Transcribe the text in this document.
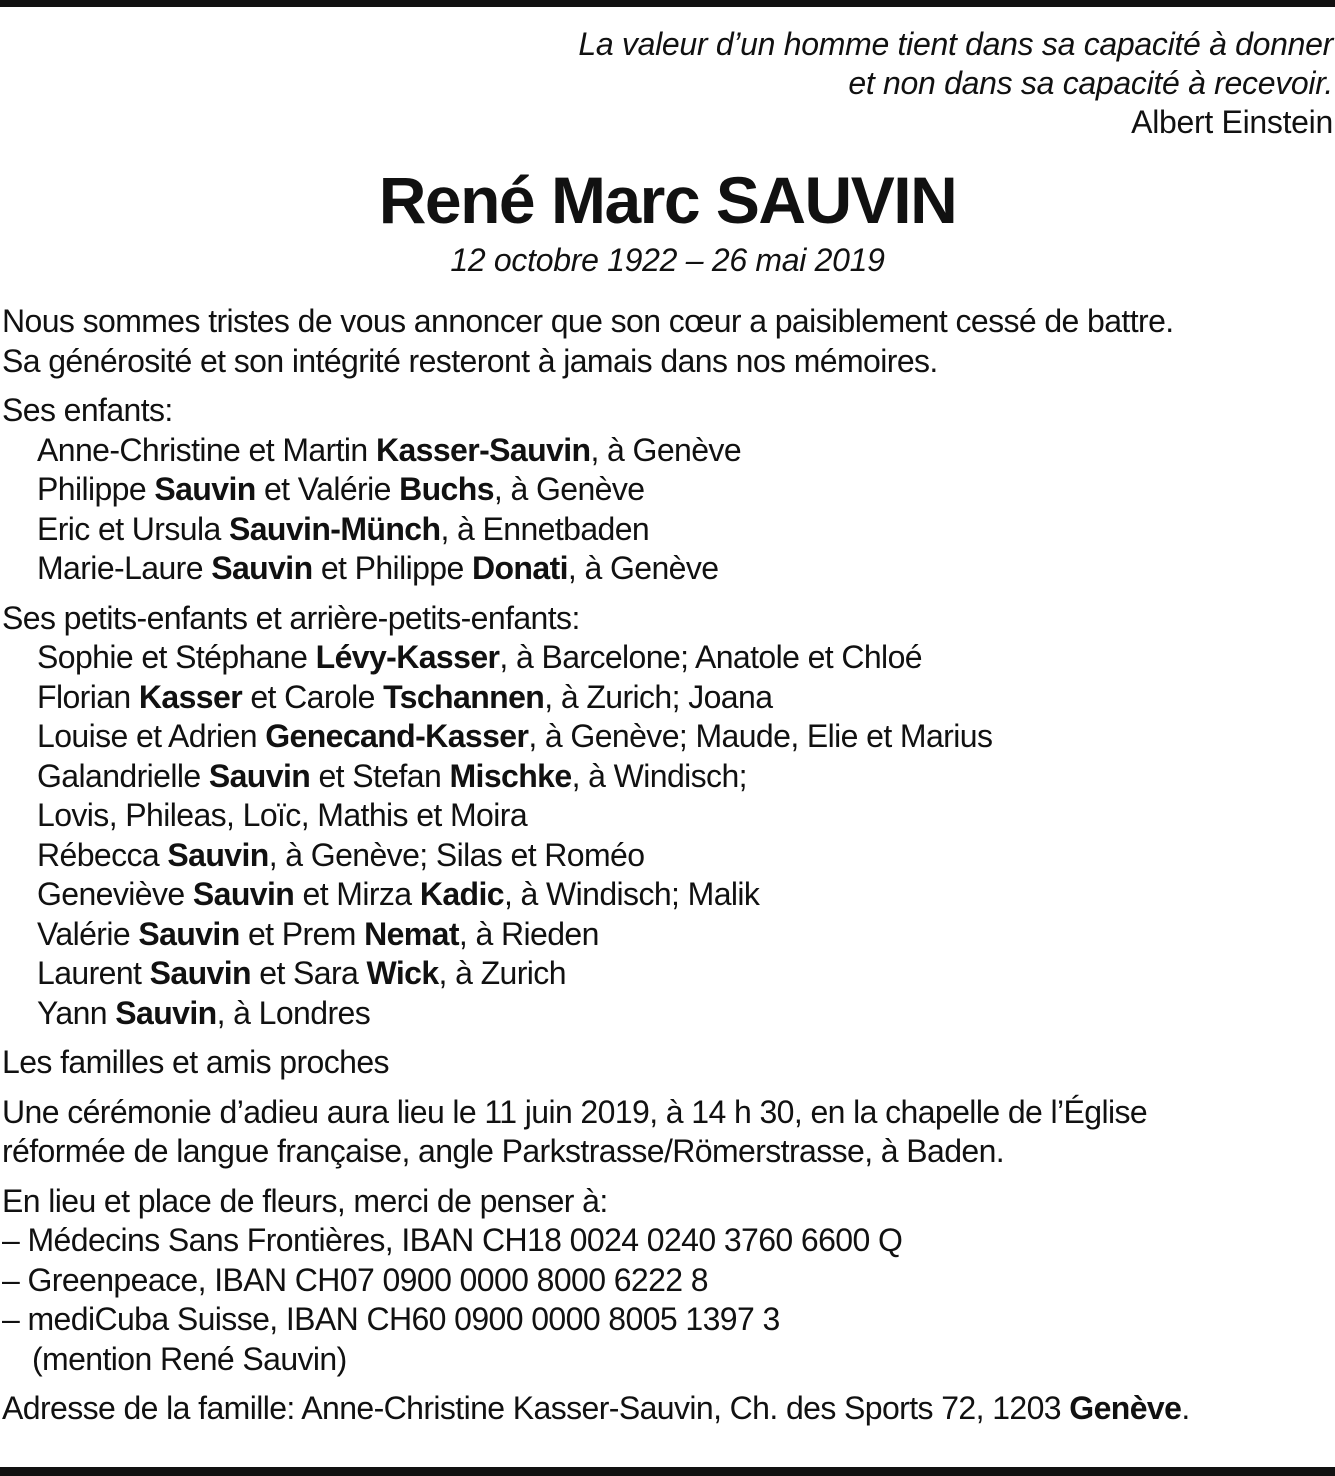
La valeur d’un homme tient dans sa capacité à donner
et non dans sa capacité à recevoir.
Albert Einstein
René Marc SAUVIN
12 octobre 1922 – 26 mai 2019
Nous sommes tristes de vous annoncer que son cœur a paisiblement cessé de battre.
Sa générosité et son intégrité resteront à jamais dans nos mémoires.
Ses enfants:
Anne-Christine et Martin Kasser-Sauvin, à Genève
Philippe Sauvin et Valérie Buchs, à Genève
Eric et Ursula Sauvin-Münch, à Ennetbaden
Marie-Laure Sauvin et Philippe Donati, à Genève
Ses petits-enfants et arrière-petits-enfants:
Sophie et Stéphane Lévy-Kasser, à Barcelone; Anatole et Chloé
Florian Kasser et Carole Tschannen, à Zurich; Joana
Louise et Adrien Genecand-Kasser, à Genève; Maude, Elie et Marius
Galandrielle Sauvin et Stefan Mischke, à Windisch;
Lovis, Phileas, Loïc, Mathis et Moira
Rébecca Sauvin, à Genève; Silas et Roméo
Geneviève Sauvin et Mirza Kadic, à Windisch; Malik
Valérie Sauvin et Prem Nemat, à Rieden
Laurent Sauvin et Sara Wick, à Zurich
Yann Sauvin, à Londres
Les familles et amis proches
Une cérémonie d’adieu aura lieu le 11 juin 2019, à 14 h 30, en la chapelle de l’Église
réformée de langue française, angle Parkstrasse/Römerstrasse, à Baden.
En lieu et place de fleurs, merci de penser à:
– Médecins Sans Frontières, IBAN CH18 0024 0240 3760 6600 Q
– Greenpeace, IBAN CH07 0900 0000 8000 6222 8
– mediCuba Suisse, IBAN CH60 0900 0000 8005 1397 3
(mention René Sauvin)
Adresse de la famille: Anne-Christine Kasser-Sauvin, Ch. des Sports 72, 1203 Genève.
